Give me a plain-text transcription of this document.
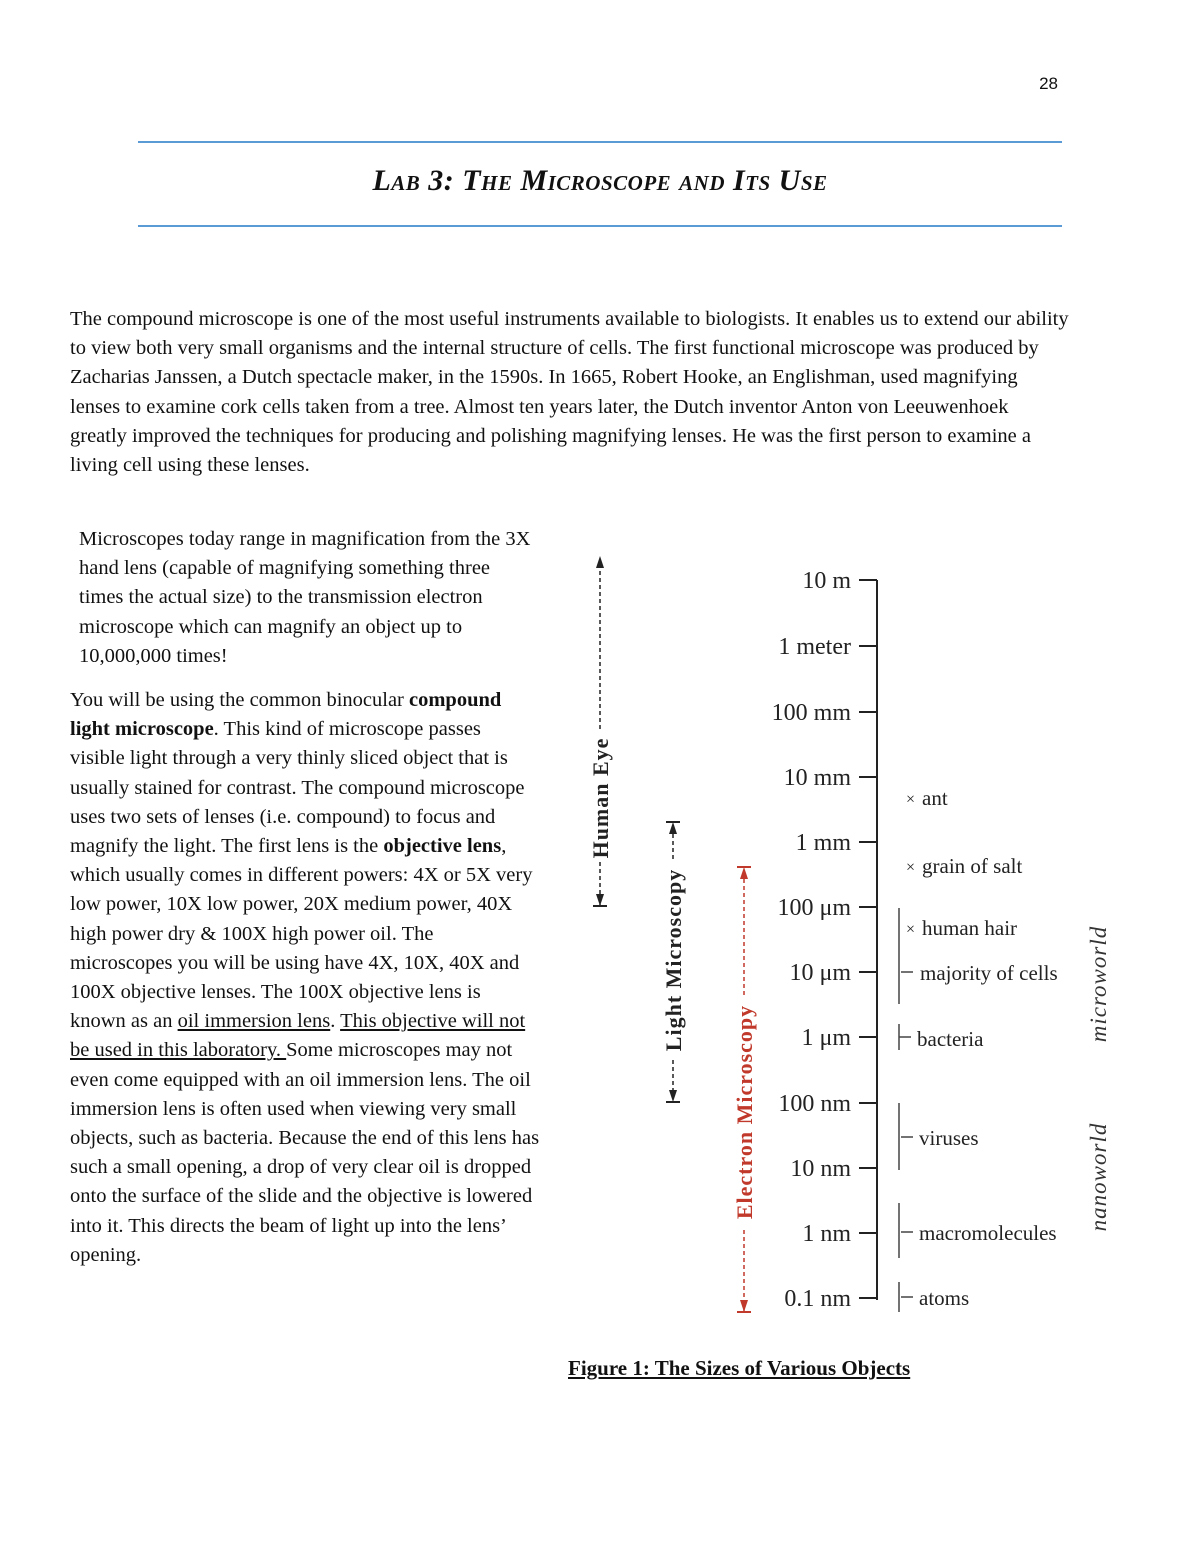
28
Lab 3: The Microscope and Its Use

The compound microscope is one of the most useful instruments available to biologists. It enables us to extend our ability to view both very small organisms and the internal structure of cells. The first functional microscope was produced by Zacharias Janssen, a Dutch spectacle maker, in the 1590s. In 1665, Robert Hooke, an Englishman, used magnifying lenses to examine cork cells taken from a tree. Almost ten years later, the Dutch inventor Anton von Leeuwenhoek greatly improved the techniques for producing and polishing magnifying lenses. He was the first person to examine a living cell using these lenses.

Microscopes today range in magnification from the 3X hand lens (capable of magnifying something three times the actual size) to the transmission electron microscope which can magnify an object up to 10,000,000 times!

You will be using the common binocular compound light microscope. This kind of microscope passes visible light through a very thinly sliced object that is usually stained for contrast. The compound microscope uses two sets of lenses (i.e. compound) to focus and magnify the light. The first lens is the objective lens, which usually comes in different powers: 4X or 5X very low power, 10X low power, 20X medium power, 40X high power dry & 100X high power oil. The microscopes you will be using have 4X, 10X, 40X and 100X objective lenses. The 100X objective lens is known as an oil immersion lens. This objective will not be used in this laboratory. Some microscopes may not even come equipped with an oil immersion lens. The oil immersion lens is often used when viewing very small objects, such as bacteria. Because the end of this lens has such a small opening, a drop of very clear oil is dropped onto the surface of the slide and the objective is lowered into it. This directs the beam of light up into the lens’ opening.

10 m
1 meter
100 mm
10 mm
1 mm
100 μm
10 μm
1 μm
100 nm
10 nm
1 nm
0.1 nm
× ant
× grain of salt
× human hair
majority of cells
bacteria
viruses
macromolecules
atoms
Human Eye
Light Microscopy
Electron Microscopy
microworld
nanoworld

Figure 1: The Sizes of Various Objects
